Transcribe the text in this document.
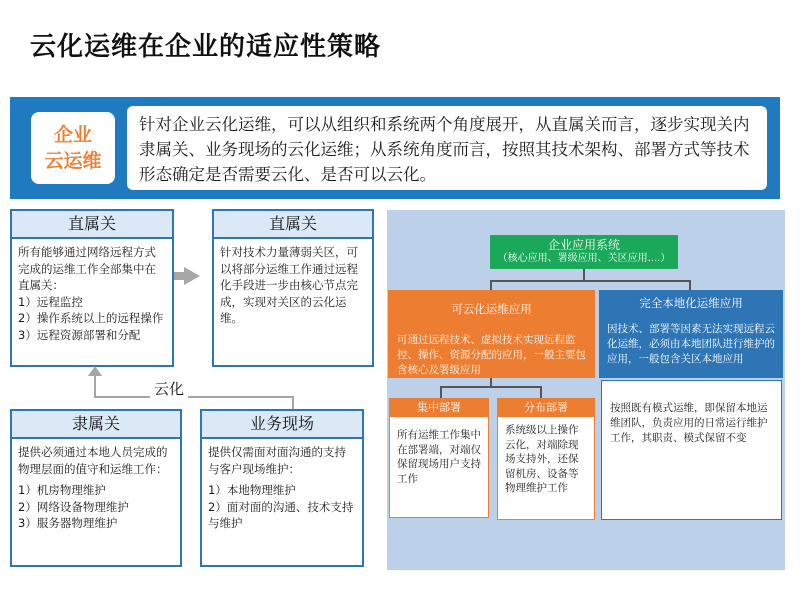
云化运维在企业的适应性策略
企业
云运维
针对企业云化运维，可以从组织和系统两个角度展开，从直属关而言，逐步实现关内隶属关、业务现场的云化运维；从系统角度而言，按照其技术架构、部署方式等技术形态确定是否需要云化、是否可以云化。
直属关

所有能够通过网络远程方式完成的运维工作全部集中在直属关：

1）远程监控

2）操作系统以上的远程操作

3）远程资源部署和分配

直属关
针对技术力量薄弱关区，可以将部分运维工作通过远程化手段进一步由核心节点完成，实现对关区的云化运维。
云化
隶属关

提供必须通过本地人员完成的物理层面的值守和运维工作：

1）机房物理维护

2）网络设备物理维护

3）服务器物理维护

业务现场

提供仅需面对面沟通的支持与客户现场维护：

1）本地物理维护

2）面对面的沟通、技术支持与维护

企业应用系统
（核心应用、署级应用、关区应用....）
可云化运维应用
可通过远程技术、虚拟技术实现远程监控、操作、资源分配的应用，一般主要包含核心及署级应用
完全本地化运维应用
因技术、部署等因素无法实现远程云化运维，必须由本地团队进行维护的应用，一般包含关区本地应用
集中部署
所有运维工作集中在部署端，对端仅保留现场用户支持工作
分布部署
系统级以上操作云化，对端除现场支持外，还保留机房、设备等物理维护工作
按照既有模式运维，即保留本地运维团队，负责应用的日常运行维护工作，其职责、模式保留不变
